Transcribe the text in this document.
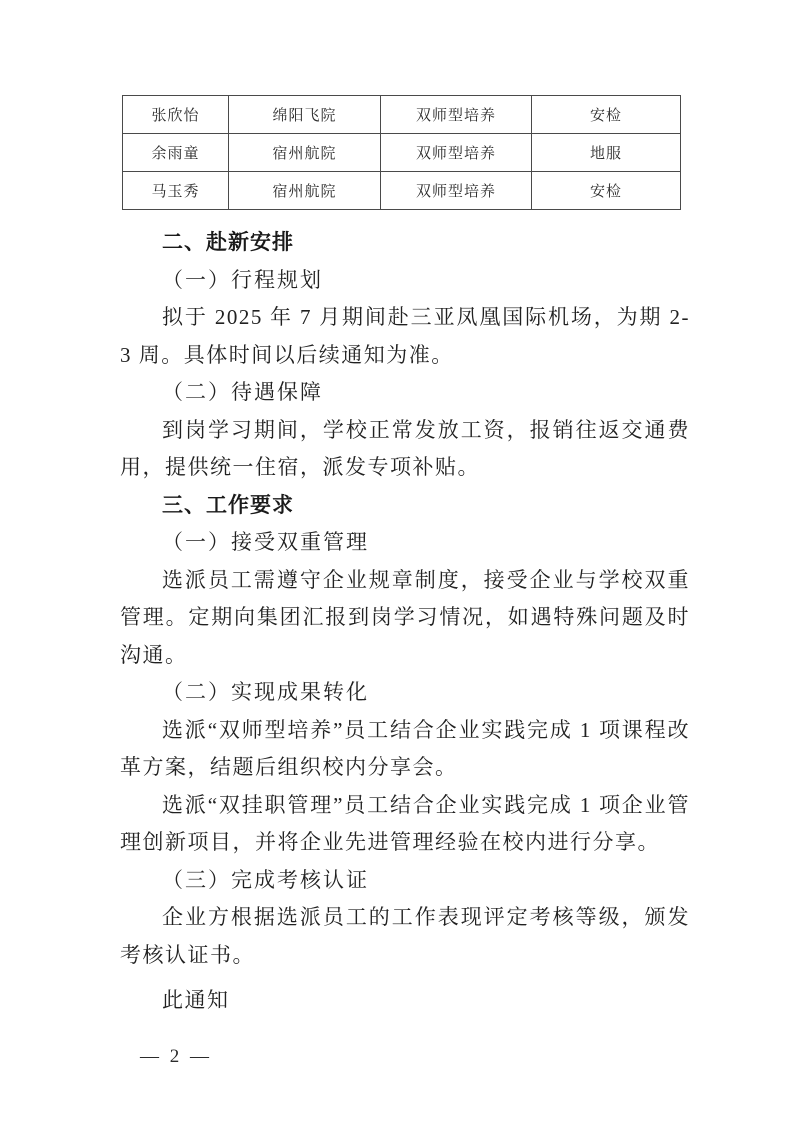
张欣怡	绵阳飞院	双师型培养	安检
余雨童	宿州航院	双师型培养	地服
马玉秀	宿州航院	双师型培养	安检

二、赴新安排

（一）行程规划

拟于 2025 年 7 月期间赴三亚凤凰国际机场，为期 2-3 周。具体时间以后续通知为准。

（二）待遇保障

到岗学习期间，学校正常发放工资，报销往返交通费用，提供统一住宿，派发专项补贴。

三、工作要求

（一）接受双重管理

选派员工需遵守企业规章制度，接受企业与学校双重管理。定期向集团汇报到岗学习情况，如遇特殊问题及时沟通。

（二）实现成果转化

选派“双师型培养”员工结合企业实践完成 1 项课程改革方案，结题后组织校内分享会。

选派“双挂职管理”员工结合企业实践完成 1 项企业管理创新项目，并将企业先进管理经验在校内进行分享。

（三）完成考核认证

企业方根据选派员工的工作表现评定考核等级，颁发考核认证书。

此通知

— 2 —
